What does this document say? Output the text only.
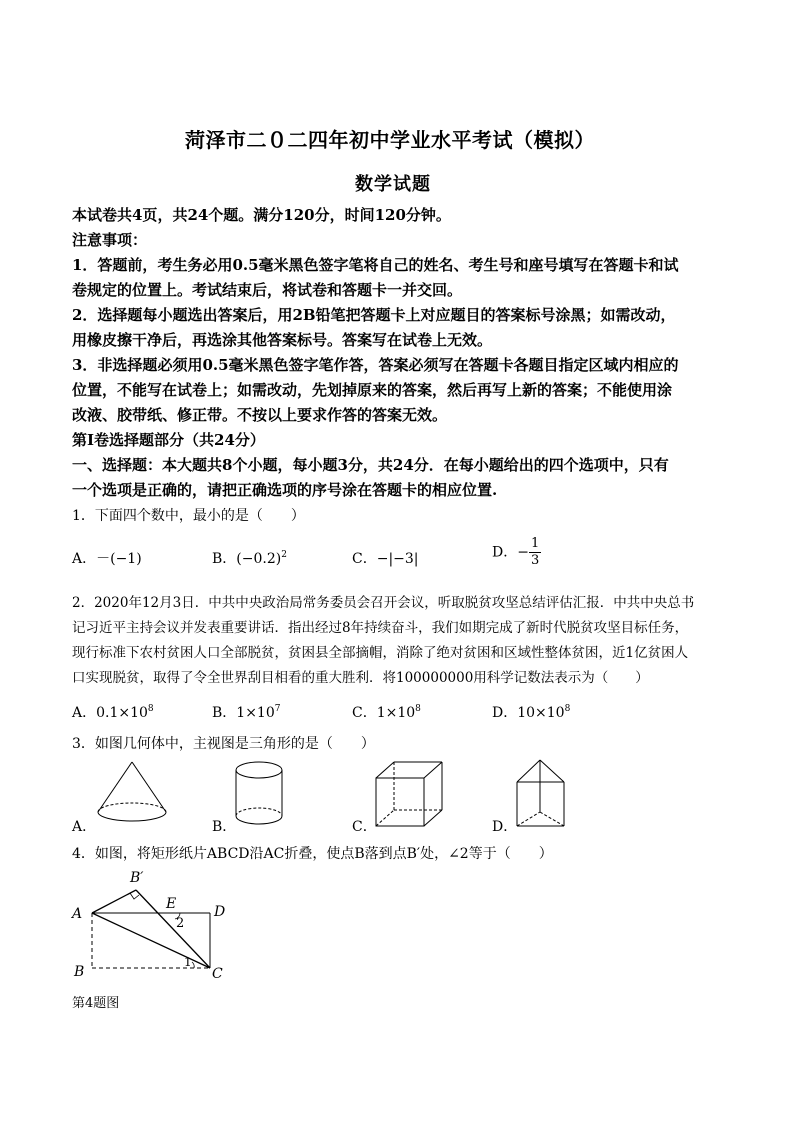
菏泽市二０二四年初中学业水平考试（模拟）
数学试题
本试卷共4页，共24个题。满分120分，时间120分钟。
注意事项：
1．答题前，考生务必用0.5毫米黑色签字笔将自己的姓名、考生号和座号填写在答题卡和试
卷规定的位置上。考试结束后，将试卷和答题卡一并交回。
2．选择题每小题选出答案后，用2B铅笔把答题卡上对应题目的答案标号涂黑；如需改动，
用橡皮擦干净后，再选涂其他答案标号。答案写在试卷上无效。
3．非选择题必须用0.5毫米黑色签字笔作答，答案必须写在答题卡各题目指定区域内相应的
位置，不能写在试卷上；如需改动，先划掉原来的答案，然后再写上新的答案；不能使用涂
改液、胶带纸、修正带。不按以上要求作答的答案无效。
第Ⅰ卷选择题部分（共24分）
一、选择题：本大题共8个小题，每小题3分，共24分．在每小题给出的四个选项中，只有
一个选项是正确的，请把正确选项的序号涂在答题卡的相应位置.
1．下面四个数中，最小的是（　　）
A．－(−1)	B．$(-0.2)^2$	C．−|−3|	D．− $\frac{1}{3}$
2．2020年12月3日．中共中央政治局常务委员会召开会议，听取脱贫攻坚总结评估汇报．中共中央总书
记习近平主持会议并发表重要讲话．指出经过8年持续奋斗，我们如期完成了新时代脱贫攻坚目标任务，
现行标准下农村贫困人口全部脱贫，贫困县全部摘帽，消除了绝对贫困和区域性整体贫困，近1亿贫困人
口实现脱贫，取得了令全世界刮目相看的重大胜利．将100000000用科学记数法表示为（　　）
A．$0.1\times 10^8$	B．$1\times 10^7$	C．$1\times 10^8$	D．$10\times 10^8$
3．如图几何体中，主视图是三角形的是（　　）
A．	B．	C．	D．
4．如图，将矩形纸片ABCD沿AC折叠，使点B落到点B′处，∠2等于（　　）
B′
E
A	D
B	C
2
1
第4题图
